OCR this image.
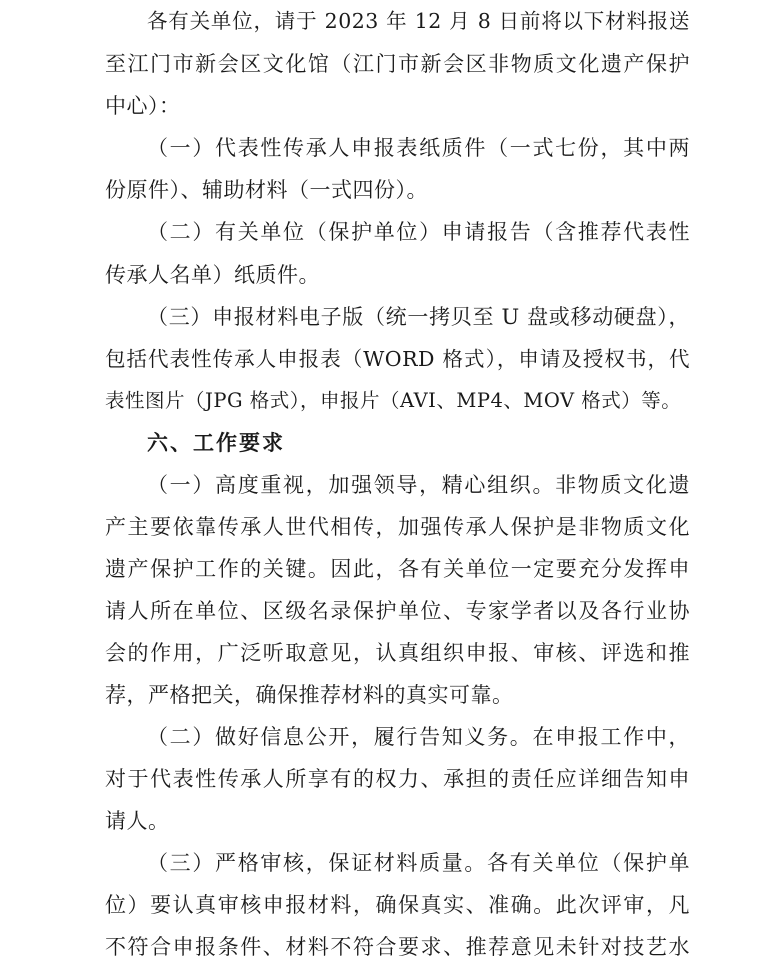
各有关单位，请于 2023 年 12 月 8 日前将以下材料报送
至江门市新会区文化馆（江门市新会区非物质文化遗产保护
中心）：
（一）代表性传承人申报表纸质件（一式七份，其中两
份原件）、辅助材料（一式四份）。
（二）有关单位（保护单位）申请报告（含推荐代表性
传承人名单）纸质件。
（三）申报材料电子版（统一拷贝至 U 盘或移动硬盘），
包括代表性传承人申报表（WORD 格式），申请及授权书，代
表性图片（JPG 格式），申报片（AVI、MP4、MOV 格式）等。
六、工作要求
（一）高度重视，加强领导，精心组织。非物质文化遗
产主要依靠传承人世代相传，加强传承人保护是非物质文化
遗产保护工作的关键。因此，各有关单位一定要充分发挥申
请人所在单位、区级名录保护单位、专家学者以及各行业协
会的作用，广泛听取意见，认真组织申报、审核、评选和推
荐，严格把关，确保推荐材料的真实可靠。
（二）做好信息公开，履行告知义务。在申报工作中，
对于代表性传承人所享有的权力、承担的责任应详细告知申
请人。
（三）严格审核，保证材料质量。各有关单位（保护单
位）要认真审核申报材料，确保真实、准确。此次评审，凡
不符合申报条件、材料不符合要求、推荐意见未针对技艺水
